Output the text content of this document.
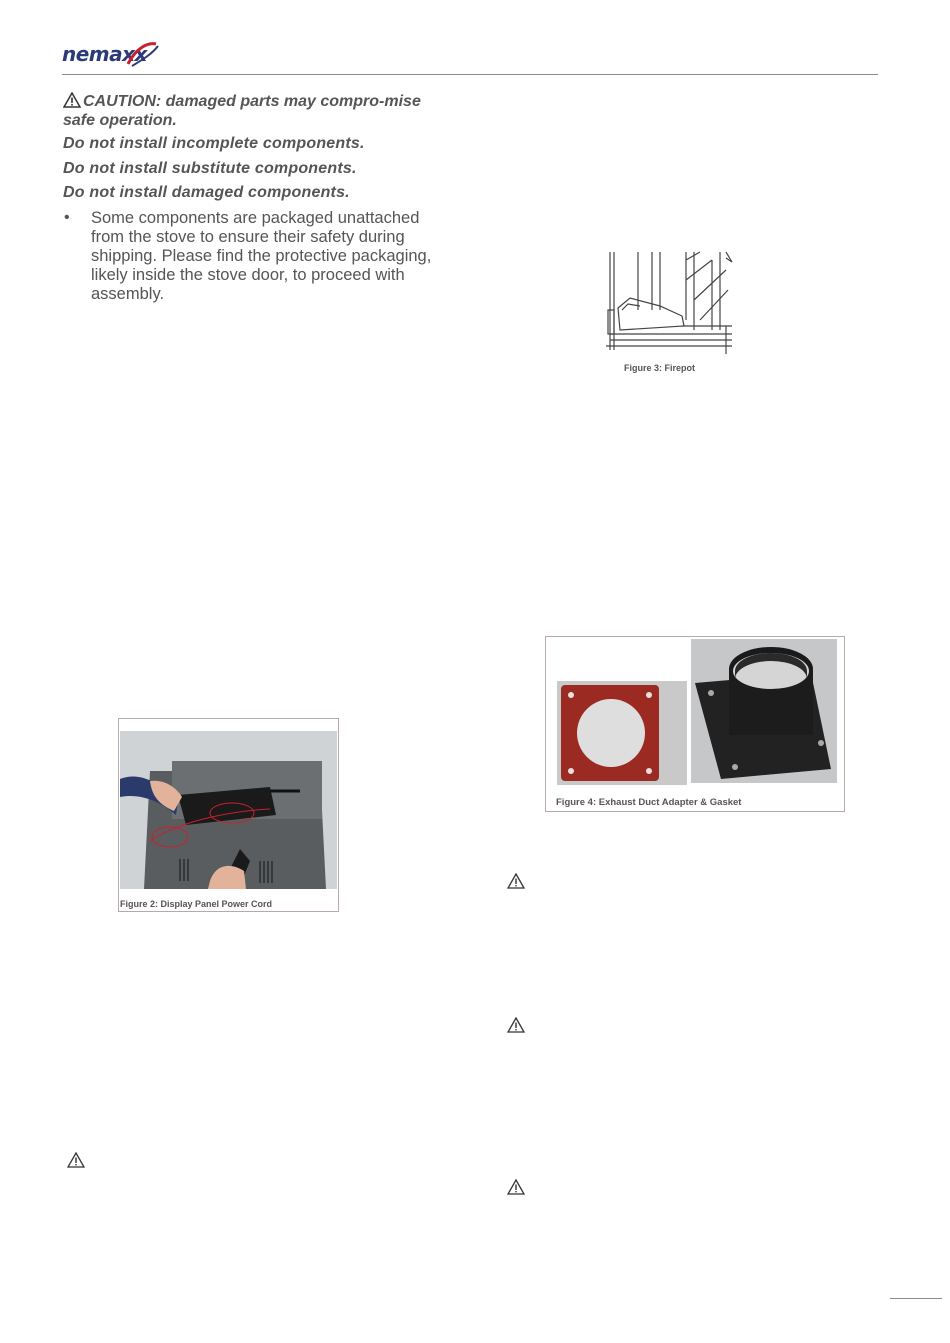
nemaxx
CAUTION: damaged parts may compro-mise safe operation.
Do not install incomplete components.
Do not install substitute components.
Do not install damaged components.
• Some components are packaged unattached from the stove to ensure their safety during shipping. Please find the protective packaging, likely inside the stove door, to proceed with assembly.
Figure 3: Firepot
Figure 4: Exhaust Duct Adapter & Gasket
Figure 2: Display Panel Power Cord
